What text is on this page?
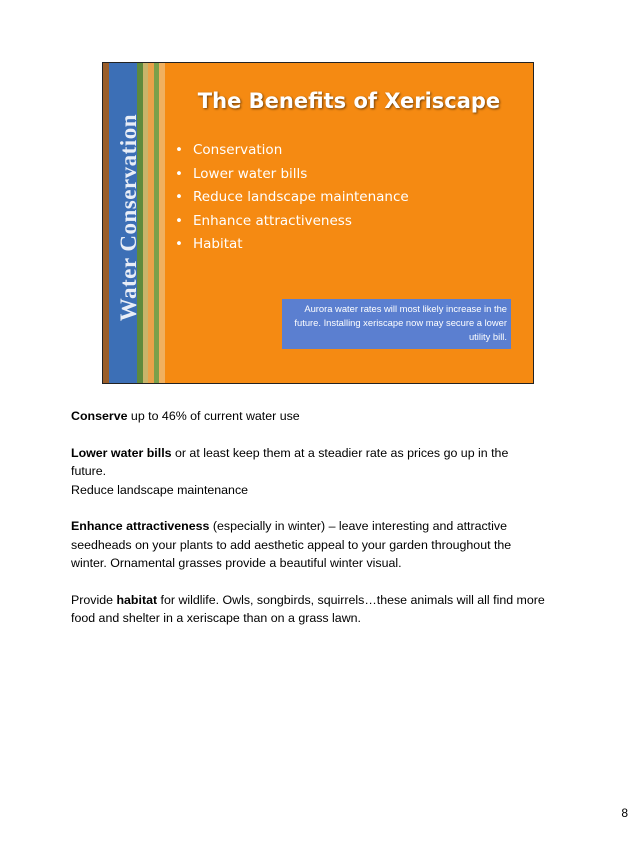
Water Conservation
The Benefits of Xeriscape
• Conservation
• Lower water bills
• Reduce landscape maintenance
• Enhance attractiveness
• Habitat
Aurora water rates will most likely increase in the future. Installing xeriscape now may secure a lower utility bill.

Conserve up to 46% of current water use

Lower water bills or at least keep them at a steadier rate as prices go up in the future.

Reduce landscape maintenance

Enhance attractiveness (especially in winter) – leave interesting and attractive seedheads on your plants to add aesthetic appeal to your garden throughout the winter. Ornamental grasses provide a beautiful winter visual.

Provide habitat for wildlife. Owls, songbirds, squirrels…these animals will all find more food and shelter in a xeriscape than on a grass lawn.

8
